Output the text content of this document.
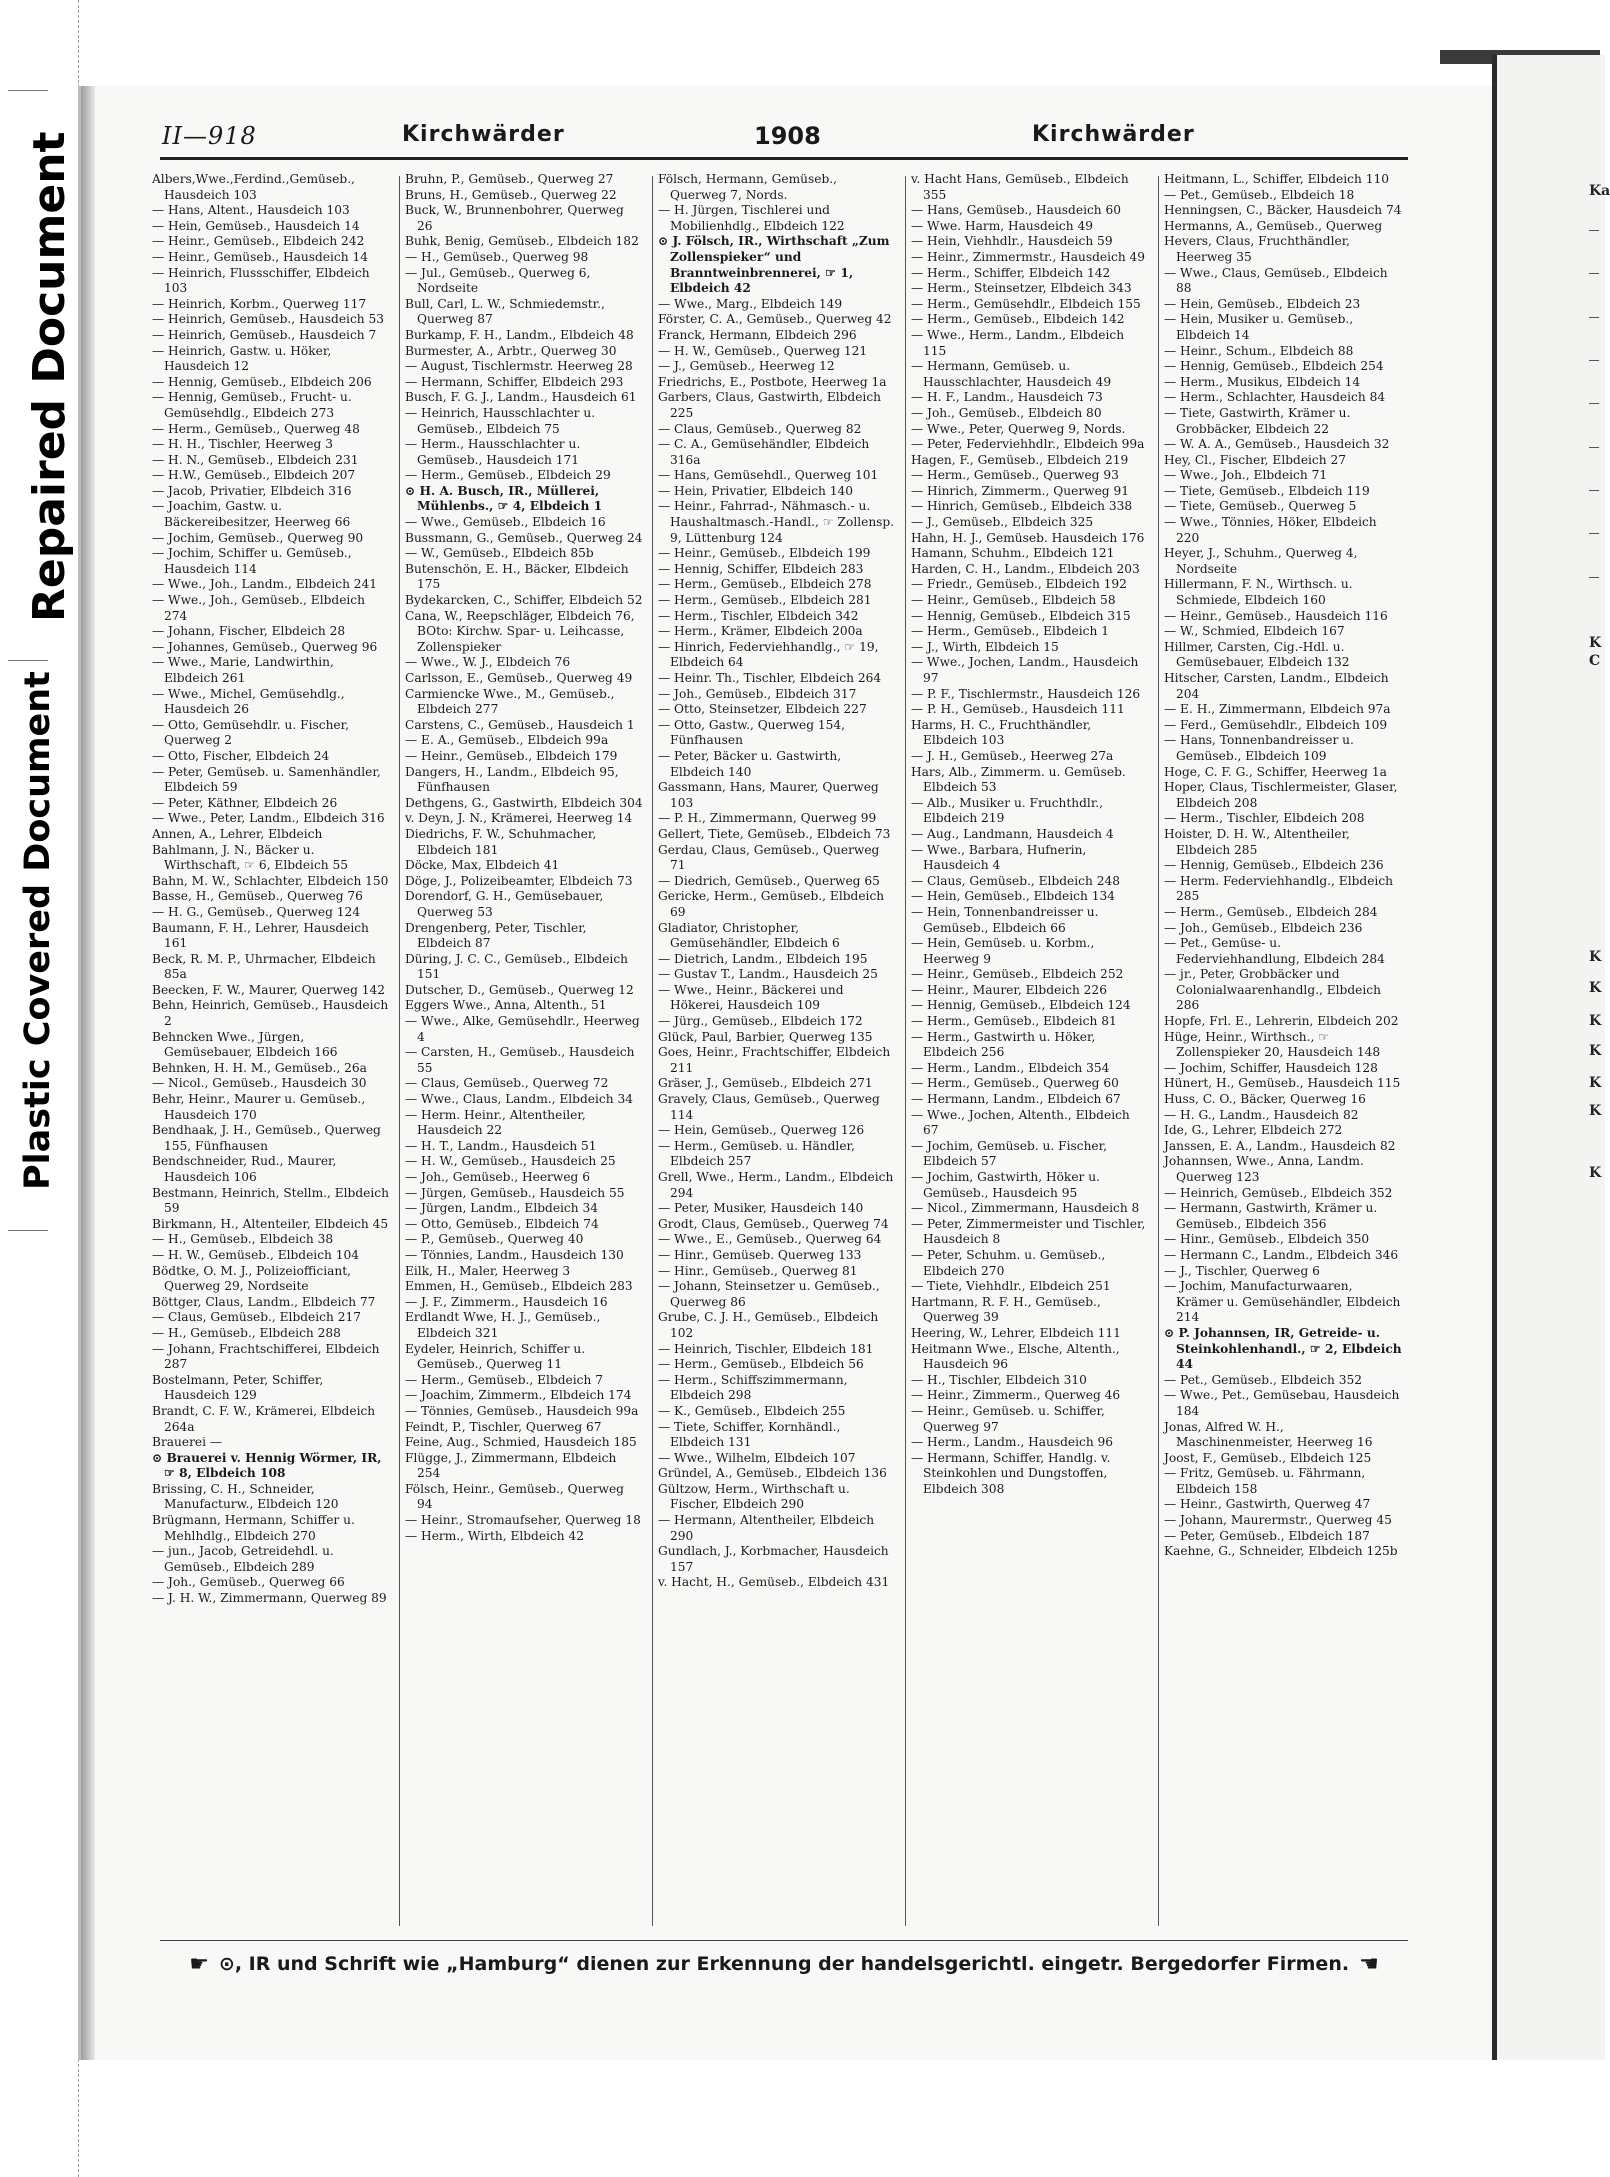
Repaired Document
Plastic Covered Document
Ka
K
C
K
K
K
K
K
K
K
II—918	Kirchwärder	1908	Kirchwärder

Albers,Wwe.,Ferdind.,Gemüseb., Hausdeich 103

— Hans, Altent., Hausdeich 103

— Hein, Gemüseb., Hausdeich 14

— Heinr., Gemüseb., Elbdeich 242

— Heinr., Gemüseb., Hausdeich 14

— Heinrich, Flussschiffer, Elbdeich 103

— Heinrich, Korbm., Querweg 117

— Heinrich, Gemüseb., Hausdeich 53

— Heinrich, Gemüseb., Hausdeich 7

— Heinrich, Gastw. u. Höker, Hausdeich 12

— Hennig, Gemüseb., Elbdeich 206

— Hennig, Gemüseb., Frucht- u. Gemüsehdlg., Elbdeich 273

— Herm., Gemüseb., Querweg 48

— H. H., Tischler, Heerweg 3

— H. N., Gemüseb., Elbdeich 231

— H.W., Gemüseb., Elbdeich 207

— Jacob, Privatier, Elbdeich 316

— Joachim, Gastw. u. Bäckereibesitzer, Heerweg 66

— Jochim, Gemüseb., Querweg 90

— Jochim, Schiffer u. Gemüseb., Hausdeich 114

— Wwe., Joh., Landm., Elbdeich 241

— Wwe., Joh., Gemüseb., Elbdeich 274

— Johann, Fischer, Elbdeich 28

— Johannes, Gemüseb., Querweg 96

— Wwe., Marie, Landwirthin, Elbdeich 261

— Wwe., Michel, Gemüsehdlg., Hausdeich 26

— Otto, Gemüsehdlr. u. Fischer, Querweg 2

— Otto, Fischer, Elbdeich 24

— Peter, Gemüseb. u. Samenhändler, Elbdeich 59

— Peter, Käthner, Elbdeich 26

— Wwe., Peter, Landm., Elbdeich 316

Annen, A., Lehrer, Elbdeich

Bahlmann, J. N., Bäcker u. Wirthschaft, ☞ 6, Elbdeich 55

Bahn, M. W., Schlachter, Elbdeich 150

Basse, H., Gemüseb., Querweg 76

— H. G., Gemüseb., Querweg 124

Baumann, F. H., Lehrer, Hausdeich 161

Beck, R. M. P., Uhrmacher, Elbdeich 85a

Beecken, F. W., Maurer, Querweg 142

Behn, Heinrich, Gemüseb., Hausdeich 2

Behncken Wwe., Jürgen, Gemüsebauer, Elbdeich 166

Behnken, H. H. M., Gemüseb., 26a

— Nicol., Gemüseb., Hausdeich 30

Behr, Heinr., Maurer u. Gemüseb., Hausdeich 170

Bendhaak, J. H., Gemüseb., Querweg 155, Fünfhausen

Bendschneider, Rud., Maurer, Hausdeich 106

Bestmann, Heinrich, Stellm., Elbdeich 59

Birkmann, H., Altenteiler, Elbdeich 45

— H., Gemüseb., Elbdeich 38

— H. W., Gemüseb., Elbdeich 104

Bödtke, O. M. J., Polizeiofficiant, Querweg 29, Nordseite

Böttger, Claus, Landm., Elbdeich 77

— Claus, Gemüseb., Elbdeich 217

— H., Gemüseb., Elbdeich 288

— Johann, Frachtschifferei, Elbdeich 287

Bostelmann, Peter, Schiffer, Hausdeich 129

Brandt, C. F. W., Krämerei, Elbdeich 264a

Brauerei —

⊙ Brauerei v. Hennig Wörmer, IR, ☞ 8, Elbdeich 108

Brissing, C. H., Schneider, Manufacturw., Elbdeich 120

Brügmann, Hermann, Schiffer u. Mehlhdlg., Elbdeich 270

— jun., Jacob, Getreidehdl. u. Gemüseb., Elbdeich 289

— Joh., Gemüseb., Querweg 66

— J. H. W., Zimmermann, Querweg 89

Bruhn, P., Gemüseb., Querweg 27

Bruns, H., Gemüseb., Querweg 22

Buck, W., Brunnenbohrer, Querweg 26

Buhk, Benig, Gemüseb., Elbdeich 182

— H., Gemüseb., Querweg 98

— Jul., Gemüseb., Querweg 6, Nordseite

Bull, Carl, L. W., Schmiedemstr., Querweg 87

Burkamp, F. H., Landm., Elbdeich 48

Burmester, A., Arbtr., Querweg 30

— August, Tischlermstr. Heerweg 28

— Hermann, Schiffer, Elbdeich 293

Busch, F. G. J., Landm., Hausdeich 61

— Heinrich, Hausschlachter u. Gemüseb., Elbdeich 75

— Herm., Hausschlachter u. Gemüseb., Hausdeich 171

— Herm., Gemüseb., Elbdeich 29

⊙ H. A. Busch, IR., Müllerei, Mühlenbs., ☞ 4, Elbdeich 1

— Wwe., Gemüseb., Elbdeich 16

Bussmann, G., Gemüseb., Querweg 24

— W., Gemüseb., Elbdeich 85b

Butenschön, E. H., Bäcker, Elbdeich 175

Bydekarcken, C., Schiffer, Elbdeich 52

Cana, W., Reepschläger, Elbdeich 76, BOto: Kirchw. Spar- u. Leihcasse, Zollenspieker

— Wwe., W. J., Elbdeich 76

Carlsson, E., Gemüseb., Querweg 49

Carmiencke Wwe., M., Gemüseb., Elbdeich 277

Carstens, C., Gemüseb., Hausdeich 1

— E. A., Gemüseb., Elbdeich 99a

— Heinr., Gemüseb., Elbdeich 179

Dangers, H., Landm., Elbdeich 95, Fünfhausen

Dethgens, G., Gastwirth, Elbdeich 304

v. Deyn, J. N., Krämerei, Heerweg 14

Diedrichs, F. W., Schuhmacher, Elbdeich 181

Döcke, Max, Elbdeich 41

Döge, J., Polizeibeamter, Elbdeich 73

Dorendorf, G. H., Gemüsebauer, Querweg 53

Drengenberg, Peter, Tischler, Elbdeich 87

Düring, J. C. C., Gemüseb., Elbdeich 151

Dutscher, D., Gemüseb., Querweg 12

Eggers Wwe., Anna, Altenth., 51

— Wwe., Alke, Gemüsehdlr., Heerweg 4

— Carsten, H., Gemüseb., Hausdeich 55

— Claus, Gemüseb., Querweg 72

— Wwe., Claus, Landm., Elbdeich 34

— Herm. Heinr., Altentheiler, Hausdeich 22

— H. T., Landm., Hausdeich 51

— H. W., Gemüseb., Hausdeich 25

— Joh., Gemüseb., Heerweg 6

— Jürgen, Gemüseb., Hausdeich 55

— Jürgen, Landm., Elbdeich 34

— Otto, Gemüseb., Elbdeich 74

— P., Gemüseb., Querweg 40

— Tönnies, Landm., Hausdeich 130

Eilk, H., Maler, Heerweg 3

Emmen, H., Gemüseb., Elbdeich 283

— J. F., Zimmerm., Hausdeich 16

Erdlandt Wwe, H. J., Gemüseb., Elbdeich 321

Eydeler, Heinrich, Schiffer u. Gemüseb., Querweg 11

— Herm., Gemüseb., Elbdeich 7

— Joachim, Zimmerm., Elbdeich 174

— Tönnies, Gemüseb., Hausdeich 99a

Feindt, P., Tischler, Querweg 67

Feine, Aug., Schmied, Hausdeich 185

Flügge, J., Zimmermann, Elbdeich 254

Fölsch, Heinr., Gemüseb., Querweg 94

— Heinr., Stromaufseher, Querweg 18

— Herm., Wirth, Elbdeich 42

Fölsch, Hermann, Gemüseb., Querweg 7, Nords.

— H. Jürgen, Tischlerei und Mobilienhdlg., Elbdeich 122

⊙ J. Fölsch, IR., Wirthschaft „Zum Zollenspieker“ und Branntweinbrennerei, ☞ 1, Elbdeich 42

— Wwe., Marg., Elbdeich 149

Förster, C. A., Gemüseb., Querweg 42

Franck, Hermann, Elbdeich 296

— H. W., Gemüseb., Querweg 121

— J., Gemüseb., Heerweg 12

Friedrichs, E., Postbote, Heerweg 1a

Garbers, Claus, Gastwirth, Elbdeich 225

— Claus, Gemüseb., Querweg 82

— C. A., Gemüsehändler, Elbdeich 316a

— Hans, Gemüsehdl., Querweg 101

— Hein, Privatier, Elbdeich 140

— Heinr., Fahrrad-, Nähmasch.- u. Haushaltmasch.-Handl., ☞ Zollensp. 9, Lüttenburg 124

— Heinr., Gemüseb., Elbdeich 199

— Hennig, Schiffer, Elbdeich 283

— Herm., Gemüseb., Elbdeich 278

— Herm., Gemüseb., Elbdeich 281

— Herm., Tischler, Elbdeich 342

— Herm., Krämer, Elbdeich 200a

— Hinrich, Federviehhandlg., ☞ 19, Elbdeich 64

— Heinr. Th., Tischler, Elbdeich 264

— Joh., Gemüseb., Elbdeich 317

— Otto, Steinsetzer, Elbdeich 227

— Otto, Gastw., Querweg 154, Fünfhausen

— Peter, Bäcker u. Gastwirth, Elbdeich 140

Gassmann, Hans, Maurer, Querweg 103

— P. H., Zimmermann, Querweg 99

Gellert, Tiete, Gemüseb., Elbdeich 73

Gerdau, Claus, Gemüseb., Querweg 71

— Diedrich, Gemüseb., Querweg 65

Gericke, Herm., Gemüseb., Elbdeich 69

Gladiator, Christopher, Gemüsehändler, Elbdeich 6

— Dietrich, Landm., Elbdeich 195

— Gustav T., Landm., Hausdeich 25

— Wwe., Heinr., Bäckerei und Hökerei, Hausdeich 109

— Jürg., Gemüseb., Elbdeich 172

Glück, Paul, Barbier, Querweg 135

Goes, Heinr., Frachtschiffer, Elbdeich 211

Gräser, J., Gemüseb., Elbdeich 271

Gravely, Claus, Gemüseb., Querweg 114

— Hein, Gemüseb., Querweg 126

— Herm., Gemüseb. u. Händler, Elbdeich 257

Grell, Wwe., Herm., Landm., Elbdeich 294

— Peter, Musiker, Hausdeich 140

Grodt, Claus, Gemüseb., Querweg 74

— Wwe., E., Gemüseb., Querweg 64

— Hinr., Gemüseb. Querweg 133

— Hinr., Gemüseb., Querweg 81

— Johann, Steinsetzer u. Gemüseb., Querweg 86

Grube, C. J. H., Gemüseb., Elbdeich 102

— Heinrich, Tischler, Elbdeich 181

— Herm., Gemüseb., Elbdeich 56

— Herm., Schiffszimmermann, Elbdeich 298

— K., Gemüseb., Elbdeich 255

— Tiete, Schiffer, Kornhändl., Elbdeich 131

— Wwe., Wilhelm, Elbdeich 107

Gründel, A., Gemüseb., Elbdeich 136

Gültzow, Herm., Wirthschaft u. Fischer, Elbdeich 290

— Hermann, Altentheiler, Elbdeich 290

Gundlach, J., Korbmacher, Hausdeich 157

v. Hacht, H., Gemüseb., Elbdeich 431

v. Hacht Hans, Gemüseb., Elbdeich 355

— Hans, Gemüseb., Hausdeich 60

— Wwe. Harm, Hausdeich 49

— Hein, Viehhdlr., Hausdeich 59

— Heinr., Zimmermstr., Hausdeich 49

— Herm., Schiffer, Elbdeich 142

— Herm., Steinsetzer, Elbdeich 343

— Herm., Gemüsehdlr., Elbdeich 155

— Herm., Gemüseb., Elbdeich 142

— Wwe., Herm., Landm., Elbdeich 115

— Hermann, Gemüseb. u. Hausschlachter, Hausdeich 49

— H. F., Landm., Hausdeich 73

— Joh., Gemüseb., Elbdeich 80

— Wwe., Peter, Querweg 9, Nords.

— Peter, Federviehhdlr., Elbdeich 99a

Hagen, F., Gemüseb., Elbdeich 219

— Herm., Gemüseb., Querweg 93

— Hinrich, Zimmerm., Querweg 91

— Hinrich, Gemüseb., Elbdeich 338

— J., Gemüseb., Elbdeich 325

Hahn, H. J., Gemüseb. Hausdeich 176

Hamann, Schuhm., Elbdeich 121

Harden, C. H., Landm., Elbdeich 203

— Friedr., Gemüseb., Elbdeich 192

— Heinr., Gemüseb., Elbdeich 58

— Hennig, Gemüseb., Elbdeich 315

— Herm., Gemüseb., Elbdeich 1

— J., Wirth, Elbdeich 15

— Wwe., Jochen, Landm., Hausdeich 97

— P. F., Tischlermstr., Hausdeich 126

— P. H., Gemüseb., Hausdeich 111

Harms, H. C., Fruchthändler, Elbdeich 103

— J. H., Gemüseb., Heerweg 27a

Hars, Alb., Zimmerm. u. Gemüseb. Elbdeich 53

— Alb., Musiker u. Fruchthdlr., Elbdeich 219

— Aug., Landmann, Hausdeich 4

— Wwe., Barbara, Hufnerin, Hausdeich 4

— Claus, Gemüseb., Elbdeich 248

— Hein, Gemüseb., Elbdeich 134

— Hein, Tonnenbandreisser u. Gemüseb., Elbdeich 66

— Hein, Gemüseb. u. Korbm., Heerweg 9

— Heinr., Gemüseb., Elbdeich 252

— Heinr., Maurer, Elbdeich 226

— Hennig, Gemüseb., Elbdeich 124

— Herm., Gemüseb., Elbdeich 81

— Herm., Gastwirth u. Höker, Elbdeich 256

— Herm., Landm., Elbdeich 354

— Herm., Gemüseb., Querweg 60

— Hermann, Landm., Elbdeich 67

— Wwe., Jochen, Altenth., Elbdeich 67

— Jochim, Gemüseb. u. Fischer, Elbdeich 57

— Jochim, Gastwirth, Höker u. Gemüseb., Hausdeich 95

— Nicol., Zimmermann, Hausdeich 8

— Peter, Zimmermeister und Tischler, Hausdeich 8

— Peter, Schuhm. u. Gemüseb., Elbdeich 270

— Tiete, Viehhdlr., Elbdeich 251

Hartmann, R. F. H., Gemüseb., Querweg 39

Heering, W., Lehrer, Elbdeich 111

Heitmann Wwe., Elsche, Altenth., Hausdeich 96

— H., Tischler, Elbdeich 310

— Heinr., Zimmerm., Querweg 46

— Heinr., Gemüseb. u. Schiffer, Querweg 97

— Herm., Landm., Hausdeich 96

— Hermann, Schiffer, Handlg. v. Steinkohlen und Dungstoffen, Elbdeich 308

Heitmann, L., Schiffer, Elbdeich 110

— Pet., Gemüseb., Elbdeich 18

Henningsen, C., Bäcker, Hausdeich 74

Hermanns, A., Gemüseb., Querweg

Hevers, Claus, Fruchthändler, Heerweg 35

— Wwe., Claus, Gemüseb., Elbdeich 88

— Hein, Gemüseb., Elbdeich 23

— Hein, Musiker u. Gemüseb., Elbdeich 14

— Heinr., Schum., Elbdeich 88

— Hennig, Gemüseb., Elbdeich 254

— Herm., Musikus, Elbdeich 14

— Herm., Schlachter, Hausdeich 84

— Tiete, Gastwirth, Krämer u. Grobbäcker, Elbdeich 22

— W. A. A., Gemüseb., Hausdeich 32

Hey, Cl., Fischer, Elbdeich 27

— Wwe., Joh., Elbdeich 71

— Tiete, Gemüseb., Elbdeich 119

— Tiete, Gemüseb., Querweg 5

— Wwe., Tönnies, Höker, Elbdeich 220

Heyer, J., Schuhm., Querweg 4, Nordseite

Hillermann, F. N., Wirthsch. u. Schmiede, Elbdeich 160

— Heinr., Gemüseb., Hausdeich 116

— W., Schmied, Elbdeich 167

Hillmer, Carsten, Cig.-Hdl. u. Gemüsebauer, Elbdeich 132

Hitscher, Carsten, Landm., Elbdeich 204

— E. H., Zimmermann, Elbdeich 97a

— Ferd., Gemüsehdlr., Elbdeich 109

— Hans, Tonnenbandreisser u. Gemüseb., Elbdeich 109

Hoge, C. F. G., Schiffer, Heerweg 1a

Hoper, Claus, Tischlermeister, Glaser, Elbdeich 208

— Herm., Tischler, Elbdeich 208

Hoister, D. H. W., Altentheiler, Elbdeich 285

— Hennig, Gemüseb., Elbdeich 236

— Herm. Federviehhandlg., Elbdeich 285

— Herm., Gemüseb., Elbdeich 284

— Joh., Gemüseb., Elbdeich 236

— Pet., Gemüse- u. Federviehhandlung, Elbdeich 284

— jr., Peter, Grobbäcker und Colonialwaarenhandlg., Elbdeich 286

Hopfe, Frl. E., Lehrerin, Elbdeich 202

Hüge, Heinr., Wirthsch., ☞ Zollenspieker 20, Hausdeich 148

— Jochim, Schiffer, Hausdeich 128

Hünert, H., Gemüseb., Hausdeich 115

Huss, C. O., Bäcker, Querweg 16

— H. G., Landm., Hausdeich 82

Ide, G., Lehrer, Elbdeich 272

Janssen, E. A., Landm., Hausdeich 82

Johannsen, Wwe., Anna, Landm. Querweg 123

— Heinrich, Gemüseb., Elbdeich 352

— Hermann, Gastwirth, Krämer u. Gemüseb., Elbdeich 356

— Hinr., Gemüseb., Elbdeich 350

— Hermann C., Landm., Elbdeich 346

— J., Tischler, Querweg 6

— Jochim, Manufacturwaaren, Krämer u. Gemüsehändler, Elbdeich 214

⊙ P. Johannsen, IR, Getreide- u. Steinkohlenhandl., ☞ 2, Elbdeich 44

— Pet., Gemüseb., Elbdeich 352

— Wwe., Pet., Gemüsebau, Hausdeich 184

Jonas, Alfred W. H., Maschinenmeister, Heerweg 16

Joost, F., Gemüseb., Elbdeich 125

— Fritz, Gemüseb. u. Fährmann, Elbdeich 158

— Heinr., Gastwirth, Querweg 47

— Johann, Maurermstr., Querweg 45

— Peter, Gemüseb., Elbdeich 187

Kaehne, G., Schneider, Elbdeich 125b

☛ ⊙, IR und Schrift wie „Hamburg“ dienen zur Erkennung der handelsgerichtl. eingetr. Bergedorfer Firmen. ☚
